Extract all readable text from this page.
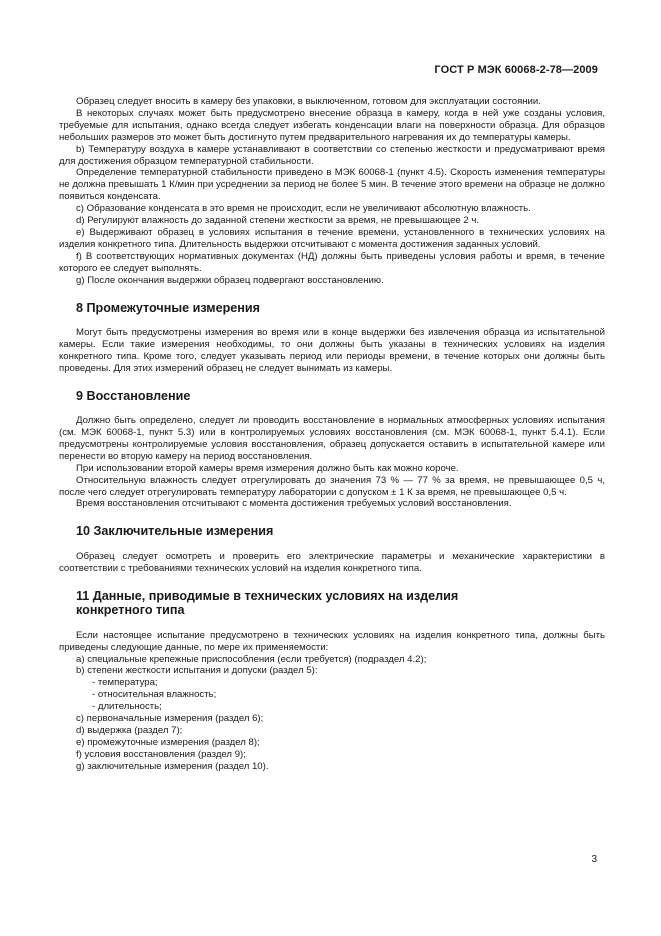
ГОСТ Р МЭК 60068-2-78—2009

Образец следует вносить в камеру без упаковки, в выключенном, готовом для эксплуатации состоянии.

В некоторых случаях может быть предусмотрено внесение образца в камеру, когда в ней уже созданы условия, требуемые для испытания, однако всегда следует избегать конденсации влаги на поверхности образца. Для образцов небольших размеров это может быть достигнуто путем предварительного нагревания их до температуры камеры.

b) Температуру воздуха в камере устанавливают в соответствии со степенью жесткости и предусматривают время для достижения образцом температурной стабильности.

Определение температурной стабильности приведено в МЭК 60068-1 (пункт 4.5). Скорость изменения температуры не должна превышать 1 К/мин при усреднении за период не более 5 мин. В течение этого времени на образце не должно появиться конденсата.

c) Образование конденсата в это время не происходит, если не увеличивают абсолютную влажность.

d) Регулируют влажность до заданной степени жесткости за время, не превышающее 2 ч.

e) Выдерживают образец в условиях испытания в течение времени, установленного в технических условиях на изделия конкретного типа. Длительность выдержки отсчитывают с момента достижения заданных условий.

f) В соответствующих нормативных документах (НД) должны быть приведены условия работы и время, в течение которого ее следует выполнять.

g) После окончания выдержки образец подвергают восстановлению.

8 Промежуточные измерения

Могут быть предусмотрены измерения во время или в конце выдержки без извлечения образца из испытательной камеры. Если такие измерения необходимы, то они должны быть указаны в технических условиях на изделия конкретного типа. Кроме того, следует указывать период или периоды времени, в течение которых они должны быть проведены. Для этих измерений образец не следует вынимать из камеры.

9 Восстановление

Должно быть определено, следует ли проводить восстановление в нормальных атмосферных условиях испытания (см. МЭК 60068-1, пункт 5.3) или в контролируемых условиях восстановления (см. МЭК 60068-1, пункт 5.4.1). Если предусмотрены контролируемые условия восстановления, образец допускается оставить в испытательной камере или перенести во вторую камеру на период восстановления.

При использовании второй камеры время измерения должно быть как можно короче.

Относительную влажность следует отрегулировать до значения 73 % — 77 % за время, не превышающее 0,5 ч, после чего следует отрегулировать температуру лаборатории с допуском ± 1 К за время, не превышающее 0,5 ч.

Время восстановления отсчитывают с момента достижения требуемых условий восстановления.

10 Заключительные измерения

Образец следует осмотреть и проверить его электрические параметры и механические характеристики в соответствии с требованиями технических условий на изделия конкретного типа.

11 Данные, приводимые в технических условиях на изделия
конкретного типа

Если настоящее испытание предусмотрено в технических условиях на изделия конкретного типа, должны быть приведены следующие данные, по мере их применяемости:

a) специальные крепежные приспособления (если требуется) (подраздел 4.2);
b) степени жесткости испытания и допуски (раздел 5):
- температура;
- относительная влажность;
- длительность;
c) первоначальные измерения (раздел 6);
d) выдержка (раздел 7);
e) промежуточные измерения (раздел 8);
f) условия восстановления (раздел 9);
g) заключительные измерения (раздел 10).
3
